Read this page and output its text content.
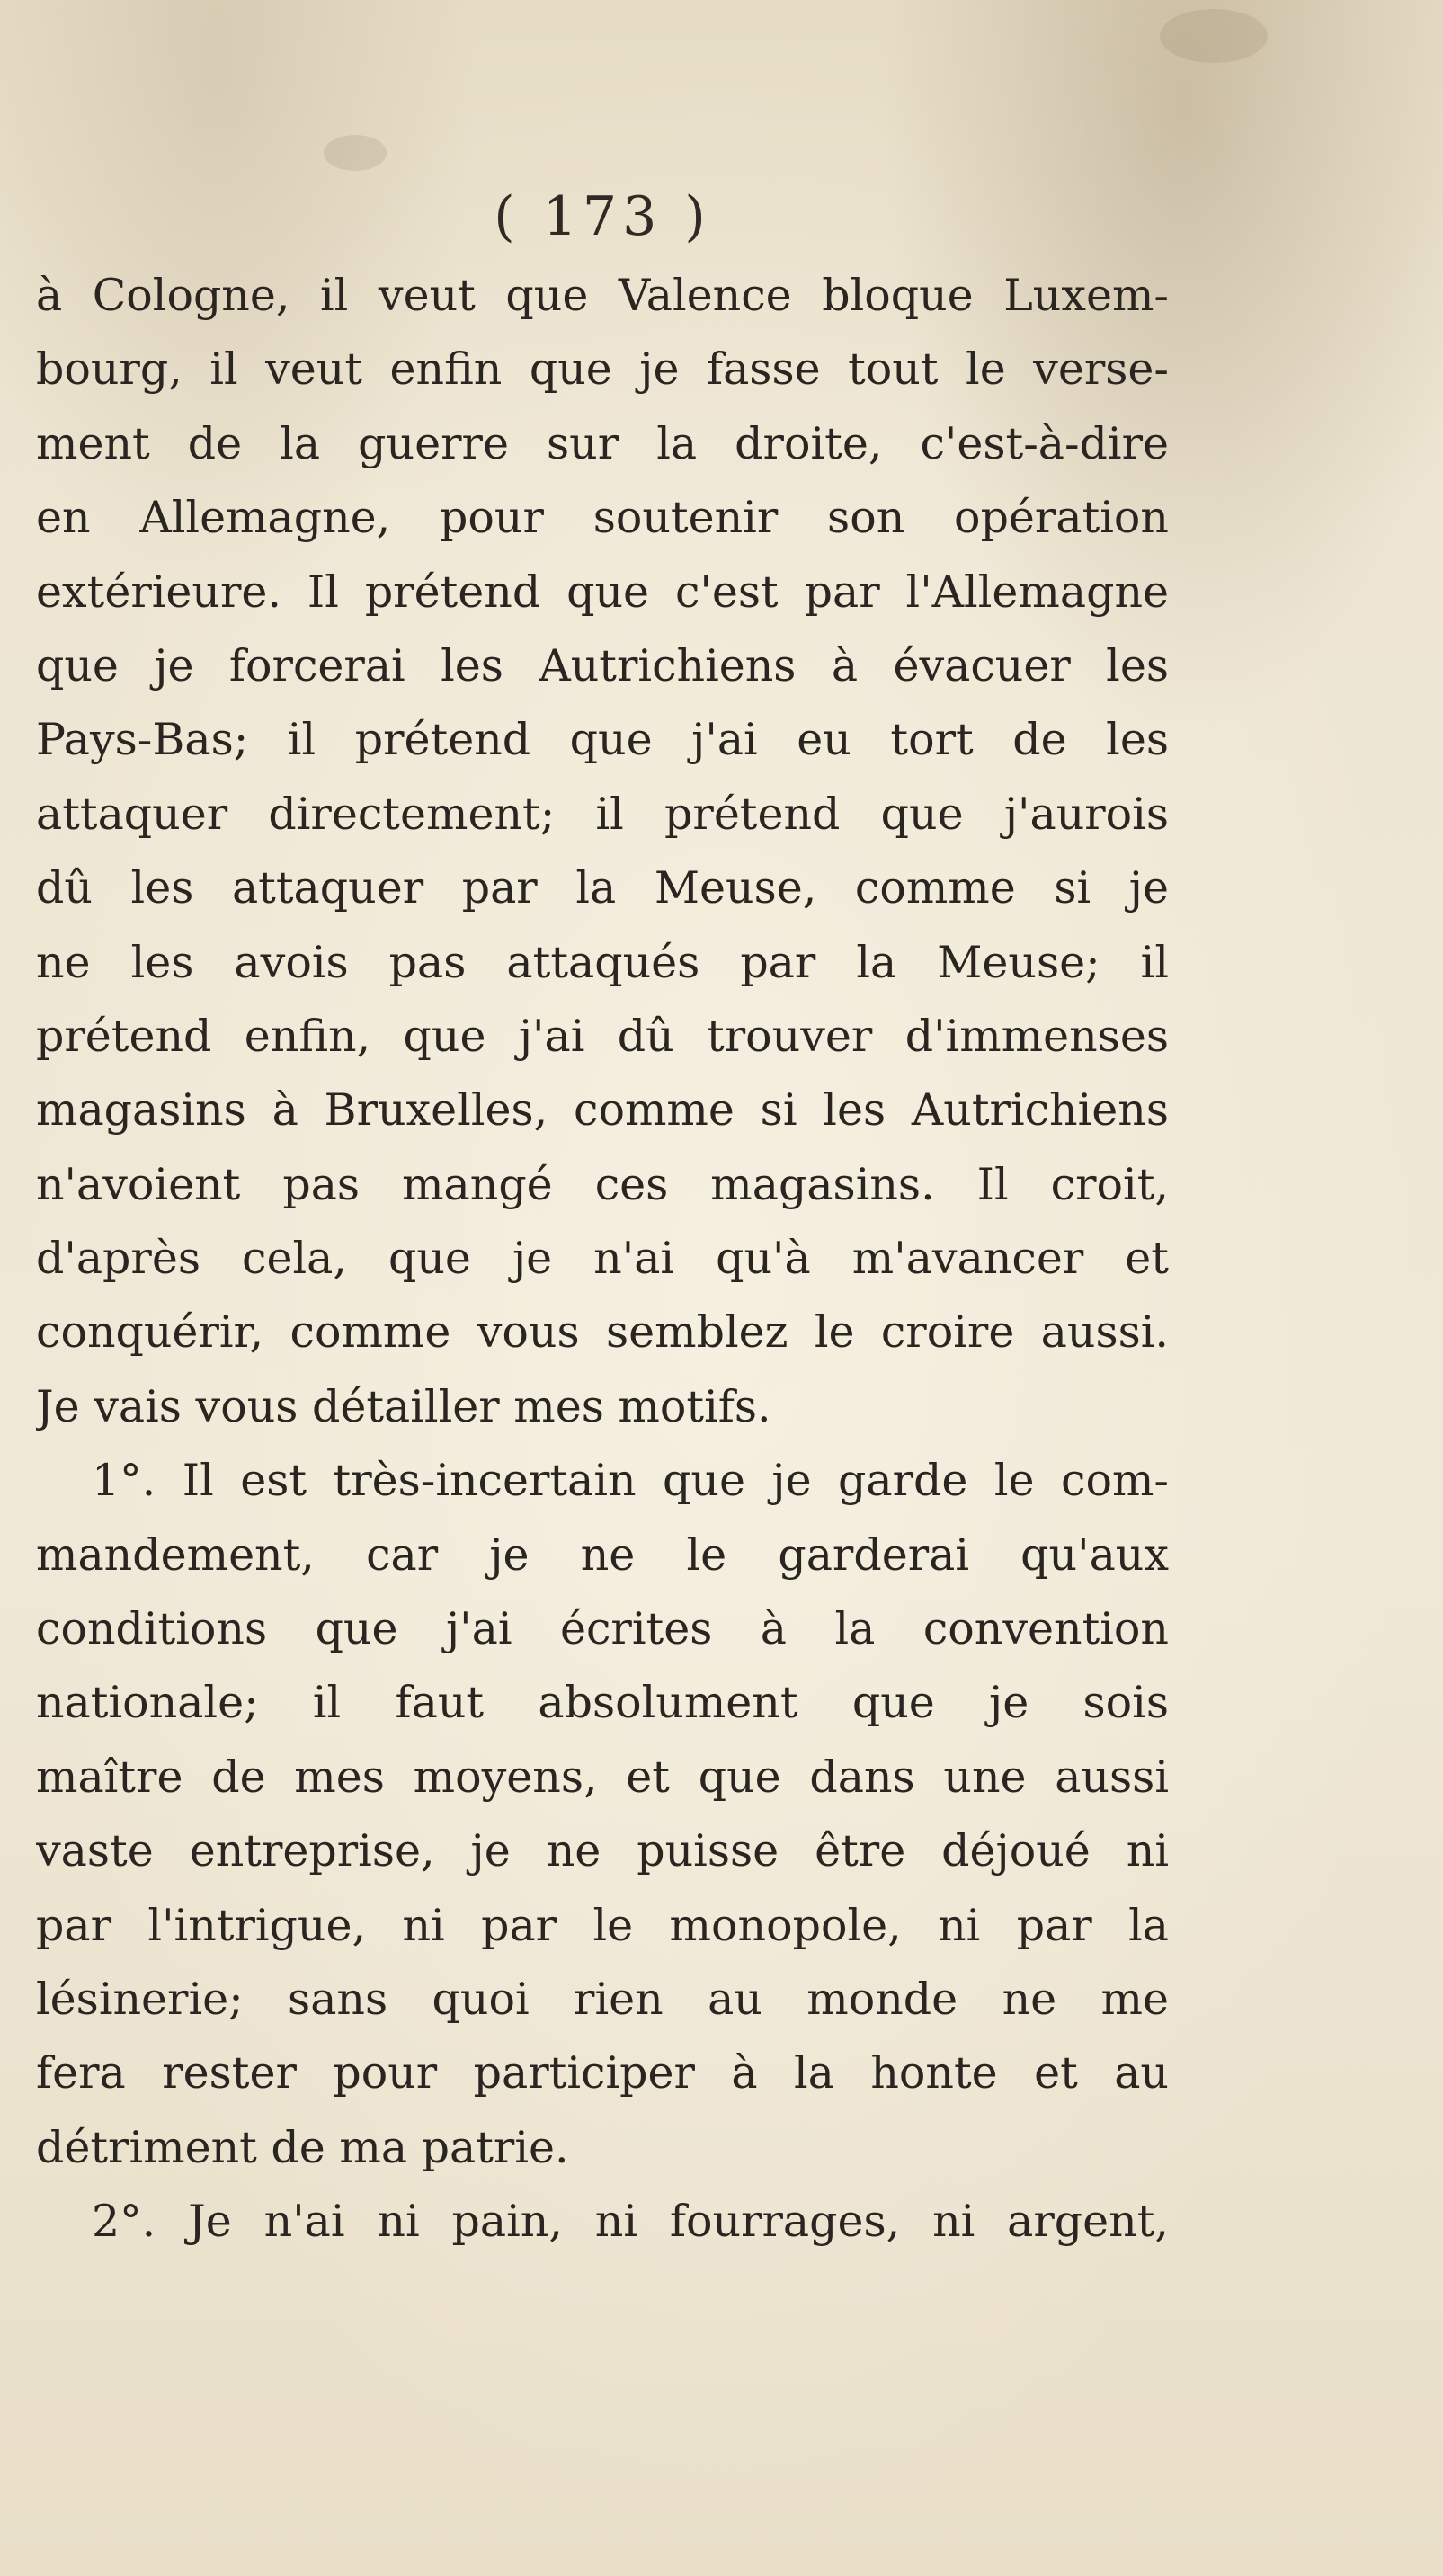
( 173 )
à Cologne, il veut que Valence bloque Luxem-
bourg, il veut enfin que je fasse tout le verse-
ment de la guerre sur la droite, c'est-à-dire
en Allemagne, pour soutenir son opération
extérieure. Il prétend que c'est par l'Allemagne
que je forcerai les Autrichiens à évacuer les
Pays-Bas; il prétend que j'ai eu tort de les
attaquer directement; il prétend que j'aurois
dû les attaquer par la Meuse, comme si je
ne les avois pas attaqués par la Meuse; il
prétend enfin, que j'ai dû trouver d'immenses
magasins à Bruxelles, comme si les Autrichiens
n'avoient pas mangé ces magasins. Il croit,
d'après cela, que je n'ai qu'à m'avancer et
conquérir, comme vous semblez le croire aussi.
Je vais vous détailler mes motifs.
1°. Il est très-incertain que je garde le com-
mandement, car je ne le garderai qu'aux
conditions que j'ai écrites à la convention
nationale; il faut absolument que je sois
maître de mes moyens, et que dans une aussi
vaste entreprise, je ne puisse être déjoué ni
par l'intrigue, ni par le monopole, ni par la
lésinerie; sans quoi rien au monde ne me
fera rester pour participer à la honte et au
détriment de ma patrie.
2°. Je n'ai ni pain, ni fourrages, ni argent,
